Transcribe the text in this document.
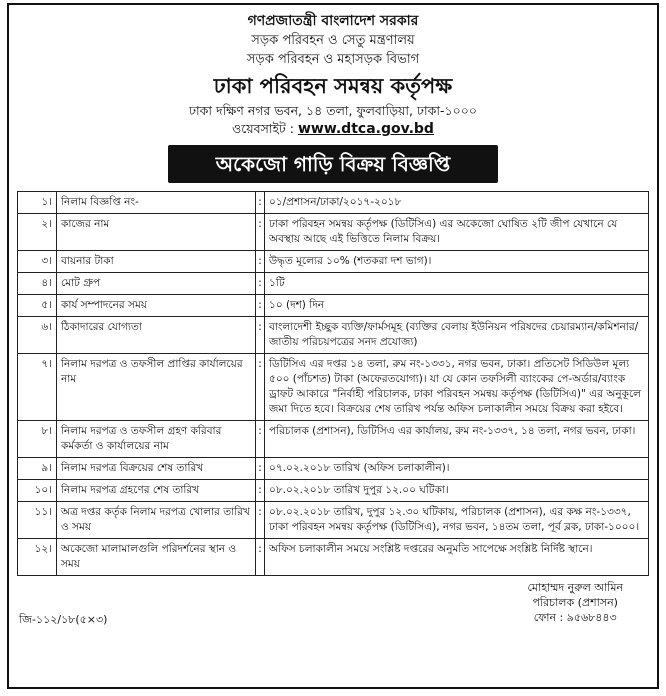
গণপ্রজাতন্ত্রী বাংলাদেশ সরকার
সড়ক পরিবহন ও সেতু মন্ত্রণালয়
সড়ক পরিবহন ও মহাসড়ক বিভাগ
ঢাকা পরিবহন সমন্বয় কর্তৃপক্ষ
ঢাকা দক্ষিণ নগর ভবন, ১৪ তলা, ফুলবাড়িয়া, ঢাকা-১০০০
ওয়েবসাইট : www.dtca.gov.bd
অকেজো গাড়ি বিক্রয় বিজ্ঞপ্তি
১।	নিলাম বিজ্ঞপ্তি নং-	:	০১/প্রশাসন/ঢাকা/২০১৭-২০১৮
২।	কাজের নাম	:	ঢাকা পরিবহন সমন্বয় কর্তৃপক্ষ (ডিটিসিএ) এর অকেজো ঘোষিত ২টি জীপ যেখানে যে অবস্থায় আছে এই ভিত্তিতে নিলাম বিক্রয়।
৩।	বায়নার টাকা	:	উদ্ধৃত মূল্যের ১০% (শতকরা দশ ভাগ)।
৪।	মোট গ্রুপ	:	১টি
৫।	কার্য সম্পাদনের সময়	:	১০ (দশ) দিন
৬।	ঠিকাদারের যোগ্যতা	:	বাংলাদেশী ইচ্ছুক ব্যক্তি/ফার্মসমূহ (ব্যক্তির বেলায় ইউনিয়ন পরিষদের চেয়ারম্যান/কমিশনার/জাতীয় পরিচয়পত্রের সনদ প্রযোজ্য)
৭।	নিলাম দরপত্র ও তফসীল প্রাপ্তির কার্যালয়ের নাম	:	ডিটিসিএ এর দপ্তর ১৪ তলা, রুম নং-১৩৩১, নগর ভবন, ঢাকা। প্রতিসেট সিডিউল মূল্য ৫০০ (পাঁচশত) টাকা (অফেরতযোগ্য)। যা যে কোন তফসিলী ব্যাংকের পে-অর্ডার/ব্যাংক ড্রাফট আকারে "নির্বাহী পরিচালক, ঢাকা পরিবহন সমন্বয় কর্তৃপক্ষ (ডিটিসিএ)" এর অনুকূলে জমা দিতে হবে। বিক্রয়ের শেষ তারিখ পর্যন্ত অফিস চলাকালীন সময়ে বিক্রয় করা হইবে।
৮।	নিলাম দরপত্র ও তফসীল গ্রহণ করিবার কর্মকর্তা ও কার্যালয়ের নাম	:	পরিচালক (প্রশাসন), ডিটিসিএ এর কার্যালয়, রুম নং-১৩৩৭, ১৪ তলা, নগর ভবন, ঢাকা।
৯।	নিলাম দরপত্র বিক্রয়ের শেষ তারিখ	:	০৭.০২.২০১৮ তারিখ (অফিস চলাকালীন)।
১০।	নিলাম দরপত্র গ্রহণের শেষ তারিখ	:	০৮.০২.২০১৮ তারিখ দুপুর ১২.০০ ঘটিকা।
১১।	অত্র দপ্তর কর্তৃক নিলাম দরপত্র খোলার তারিখ ও সময়	:	০৮.০২.২০১৮ তারিখ, দুপুর ১২.৩০ ঘটিকায়, পরিচালক (প্রশাসন), এর কক্ষ নং-১৩৩৭, ঢাকা পরিবহন সমন্বয় কর্তৃপক্ষ (ডিটিসিএ), নগর ভবন, ১৪তম তলা, পূর্ব ব্লক, ঢাকা-১০০০।
১২।	অকেজো মালামালগুলি পরিদর্শনের স্থান ও সময়	:	অফিস চলাকালীন সময়ে সংশ্লিষ্ট দপ্তরের অনুমতি সাপেক্ষে সংশ্লিষ্ট নির্দিষ্ট স্থানে।
মোহাম্মদ নুরুল আমিন
পরিচালক (প্রশাসন)
ফোন : ৯৫৬৮৪৪৩
জি-১১২/১৮(৫×৩)
